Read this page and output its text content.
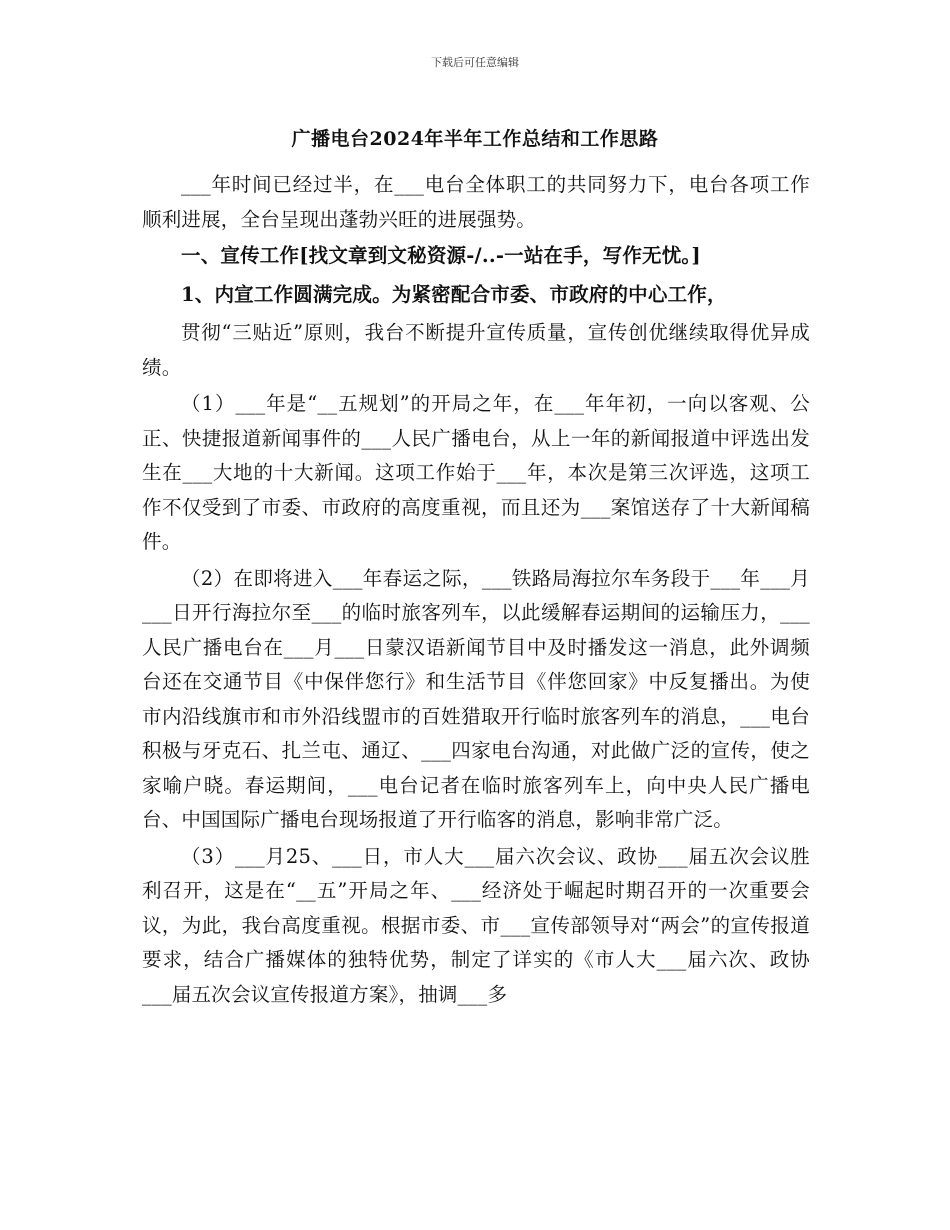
下载后可任意编辑
广播电台2024年半年工作总结和工作思路

___年时间已经过半，在___电台全体职工的共同努力下，电台各项工作顺利进展，全台呈现出蓬勃兴旺的进展强势。

一、宣传工作[找文章到文秘资源-/..-一站在手，写作无忧。]

1、内宣工作圆满完成。为紧密配合市委、市政府的中心工作，

贯彻“三贴近”原则，我台不断提升宣传质量，宣传创优继续取得优异成绩。

（1）___年是“__五规划”的开局之年，在___年年初，一向以客观、公正、快捷报道新闻事件的___人民广播电台，从上一年的新闻报道中评选出发生在___大地的十大新闻。这项工作始于___年，本次是第三次评选，这项工作不仅受到了市委、市政府的高度重视，而且还为___案馆送存了十大新闻稿件。

（2）在即将进入___年春运之际，___铁路局海拉尔车务段于___年___月___日开行海拉尔至___的临时旅客列车，以此缓解春运期间的运输压力，___人民广播电台在___月___日蒙汉语新闻节目中及时播发这一消息，此外调频台还在交通节目《中保伴您行》和生活节目《伴您回家》中反复播出。为使市内沿线旗市和市外沿线盟市的百姓猎取开行临时旅客列车的消息，___电台积极与牙克石、扎兰屯、通辽、___四家电台沟通，对此做广泛的宣传，使之家喻户晓。春运期间，___电台记者在临时旅客列车上，向中央人民广播电台、中国国际广播电台现场报道了开行临客的消息，影响非常广泛。

（3）___月25、___日，市人大___届六次会议、政协___届五次会议胜利召开，这是在“__五”开局之年、___经济处于崛起时期召开的一次重要会议，为此，我台高度重视。根据市委、市___宣传部领导对“两会”的宣传报道要求，结合广播媒体的独特优势，制定了详实的《市人大___届六次、政协___届五次会议宣传报道方案》，抽调___多
